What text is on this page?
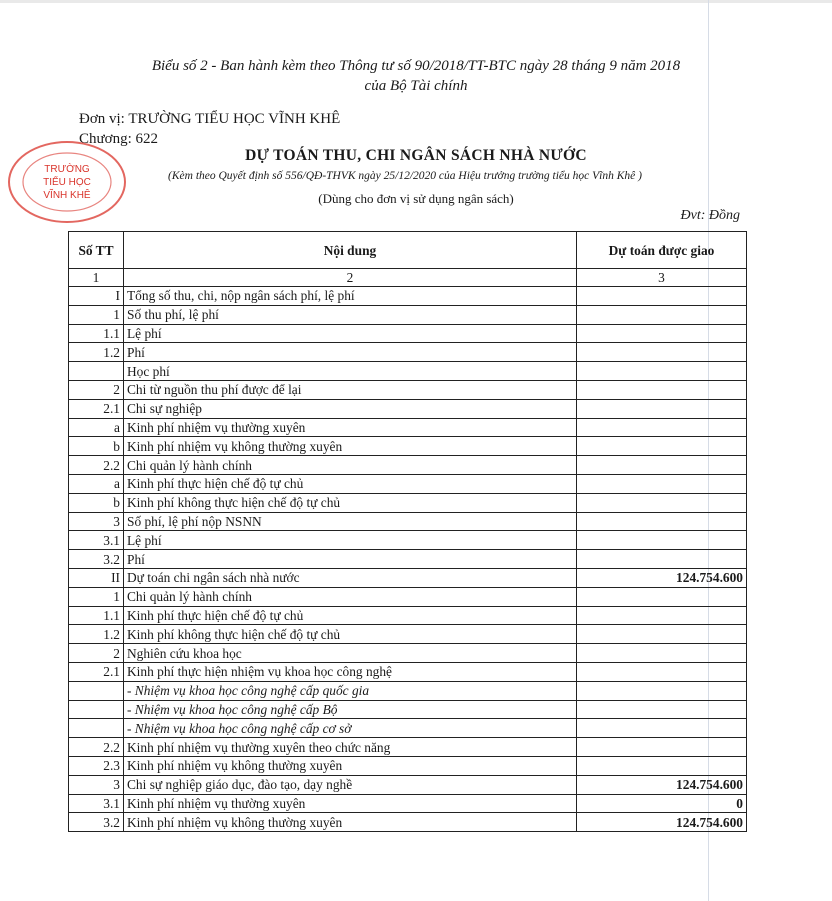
Biểu số 2 - Ban hành kèm theo Thông tư số 90/2018/TT-BTC ngày 28 tháng 9 năm 2018
của Bộ Tài chính
Đơn vị: TRƯỜNG TIỂU HỌC VĨNH KHÊ
Chương: 622
TRƯỜNG
TIỂU HỌC
VĨNH KHÊ
DỰ TOÁN THU, CHI NGÂN SÁCH NHÀ NƯỚC
(Kèm theo Quyết định số 556/QĐ-THVK ngày 25/12/2020 của Hiệu trưởng trường tiểu học Vĩnh Khê )
(Dùng cho đơn vị sử dụng ngân sách)
Đvt: Đồng
Số TT	Nội dung	Dự toán được giao
1	2	3
I	Tổng số thu, chi, nộp ngân sách phí, lệ phí	
1	Số thu phí, lệ phí	
1.1	Lệ phí	
1.2	Phí	
	Học phí	
2	Chi từ nguồn thu phí được để lại	
2.1	Chi sự nghiệp	
a	Kinh phí nhiệm vụ thường xuyên	
b	Kinh phí nhiệm vụ không thường xuyên	
2.2	Chi quản lý hành chính	
a	Kinh phí thực hiện chế độ tự chủ	
b	Kinh phí không thực hiện chế độ tự chủ	
3	Số phí, lệ phí nộp NSNN	
3.1	Lệ phí	
3.2	Phí	
II	Dự toán chi ngân sách nhà nước	124.754.600
1	Chi quản lý hành chính	
1.1	Kinh phí thực hiện chế độ tự chủ	
1.2	Kinh phí không thực hiện chế độ tự chủ	
2	Nghiên cứu khoa học	
2.1	Kinh phí thực hiện nhiệm vụ khoa học công nghệ	
	- Nhiệm vụ khoa học công nghệ cấp quốc gia	
	- Nhiệm vụ khoa học công nghệ cấp Bộ	
	- Nhiệm vụ khoa học công nghệ cấp cơ sở	
2.2	Kinh phí nhiệm vụ thường xuyên theo chức năng	
2.3	Kinh phí nhiệm vụ không thường xuyên	
3	Chi sự nghiệp giáo dục, đào tạo, dạy nghề	124.754.600
3.1	Kinh phí nhiệm vụ thường xuyên	0
3.2	Kinh phí nhiệm vụ không thường xuyên	124.754.600
